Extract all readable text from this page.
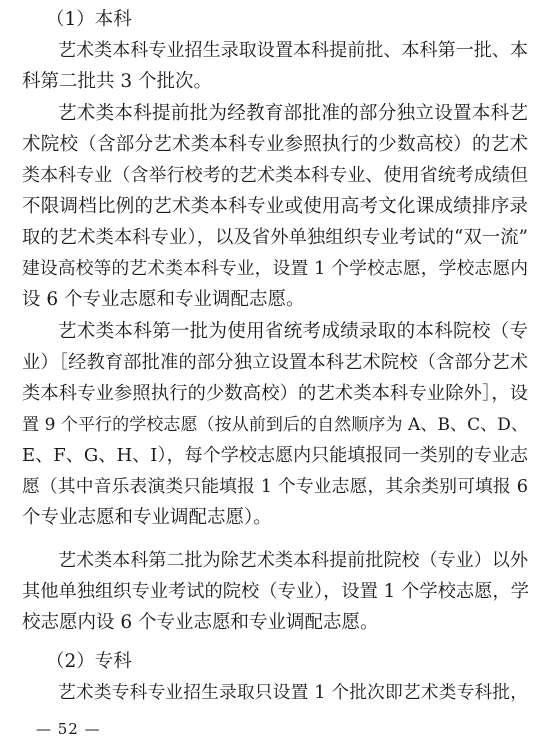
（1）本科
艺术类本科专业招生录取设置本科提前批、本科第一批、本
科第二批共 3 个批次。
艺术类本科提前批为经教育部批准的部分独立设置本科艺
术院校（含部分艺术类本科专业参照执行的少数高校）的艺术
类本科专业（含举行校考的艺术类本科专业、使用省统考成绩但
不限调档比例的艺术类本科专业或使用高考文化课成绩排序录
取的艺术类本科专业），以及省外单独组织专业考试的“双一流”
建设高校等的艺术类本科专业，设置 1 个学校志愿，学校志愿内
设 6 个专业志愿和专业调配志愿。
艺术类本科第一批为使用省统考成绩录取的本科院校（专
业）［经教育部批准的部分独立设置本科艺术院校（含部分艺术
类本科专业参照执行的少数高校）的艺术类本科专业除外］，设
置 9 个平行的学校志愿（按从前到后的自然顺序为 A、B、C、D、
E、F、G、H、I），每个学校志愿内只能填报同一类别的专业志
愿（其中音乐表演类只能填报 1 个专业志愿，其余类别可填报 6
个专业志愿和专业调配志愿）。
艺术类本科第二批为除艺术类本科提前批院校（专业）以外
其他单独组织专业考试的院校（专业），设置 1 个学校志愿，学
校志愿内设 6 个专业志愿和专业调配志愿。
（2）专科
艺术类专科专业招生录取只设置 1 个批次即艺术类专科批，
— 52 —
